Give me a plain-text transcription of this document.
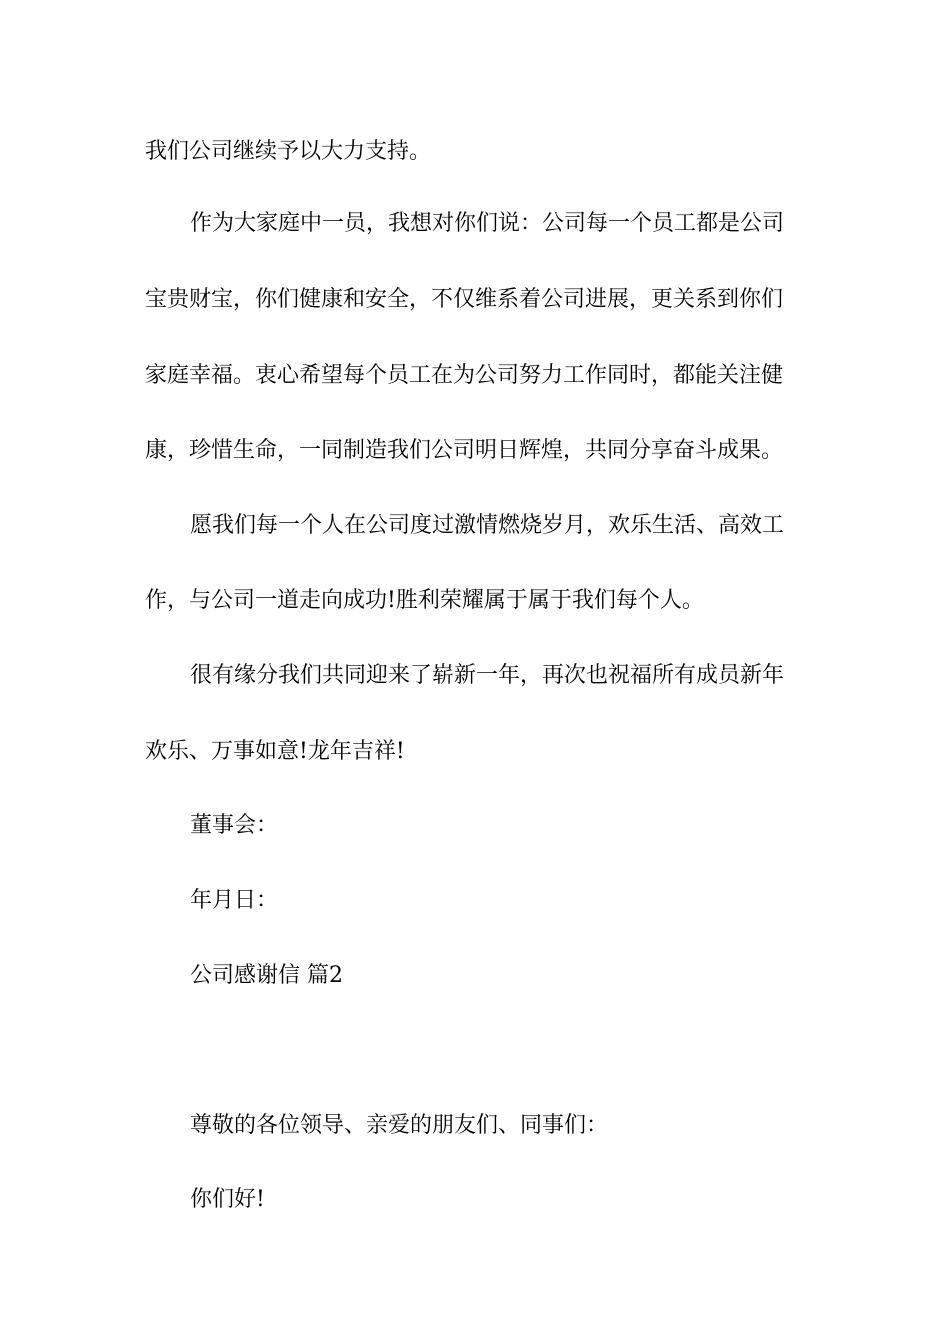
我们公司继续予以大力支持。
作为大家庭中一员，我想对你们说：公司每一个员工都是公司
宝贵财宝，你们健康和安全，不仅维系着公司进展，更关系到你们
家庭幸福。衷心希望每个员工在为公司努力工作同时，都能关注健
康，珍惜生命，一同制造我们公司明日辉煌，共同分享奋斗成果。
愿我们每一个人在公司度过激情燃烧岁月，欢乐生活、高效工
作，与公司一道走向成功!胜利荣耀属于属于我们每个人。
很有缘分我们共同迎来了崭新一年，再次也祝福所有成员新年
欢乐、万事如意!龙年吉祥!
董事会：
年月日：
公司感谢信 篇2
尊敬的各位领导、亲爱的朋友们、同事们：
你们好!
